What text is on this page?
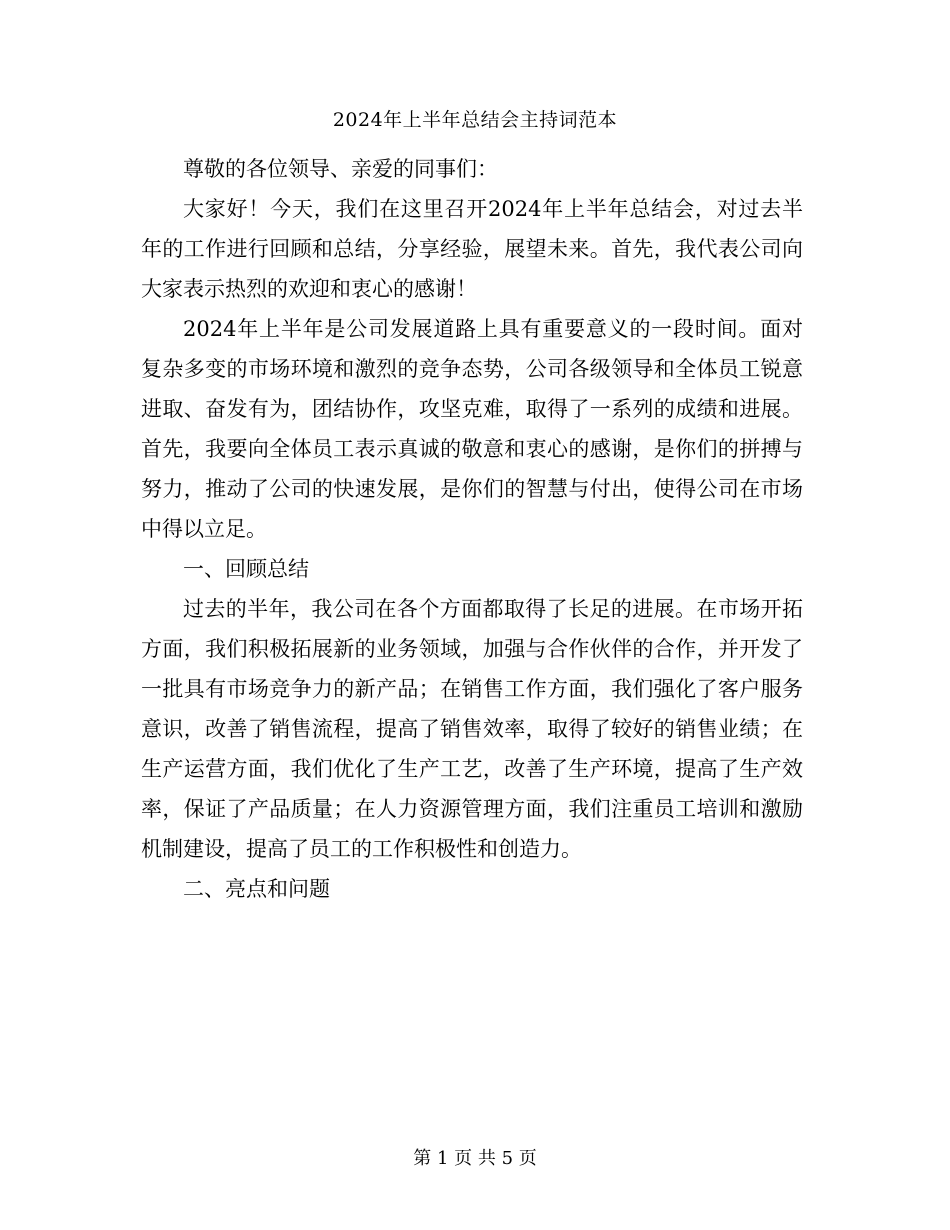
2024年上半年总结会主持词范本

尊敬的各位领导、亲爱的同事们：

大家好！今天，我们在这里召开2024年上半年总结会，对过去半年的工作进行回顾和总结，分享经验，展望未来。首先，我代表公司向大家表示热烈的欢迎和衷心的感谢！

2024年上半年是公司发展道路上具有重要意义的一段时间。面对复杂多变的市场环境和激烈的竞争态势，公司各级领导和全体员工锐意进取、奋发有为，团结协作，攻坚克难，取得了一系列的成绩和进展。首先，我要向全体员工表示真诚的敬意和衷心的感谢，是你们的拼搏与努力，推动了公司的快速发展，是你们的智慧与付出，使得公司在市场中得以立足。

一、回顾总结

过去的半年，我公司在各个方面都取得了长足的进展。在市场开拓方面，我们积极拓展新的业务领域，加强与合作伙伴的合作，并开发了一批具有市场竞争力的新产品；在销售工作方面，我们强化了客户服务意识，改善了销售流程，提高了销售效率，取得了较好的销售业绩；在生产运营方面，我们优化了生产工艺，改善了生产环境，提高了生产效率，保证了产品质量；在人力资源管理方面，我们注重员工培训和激励机制建设，提高了员工的工作积极性和创造力。

二、亮点和问题

第 1 页 共 5 页
